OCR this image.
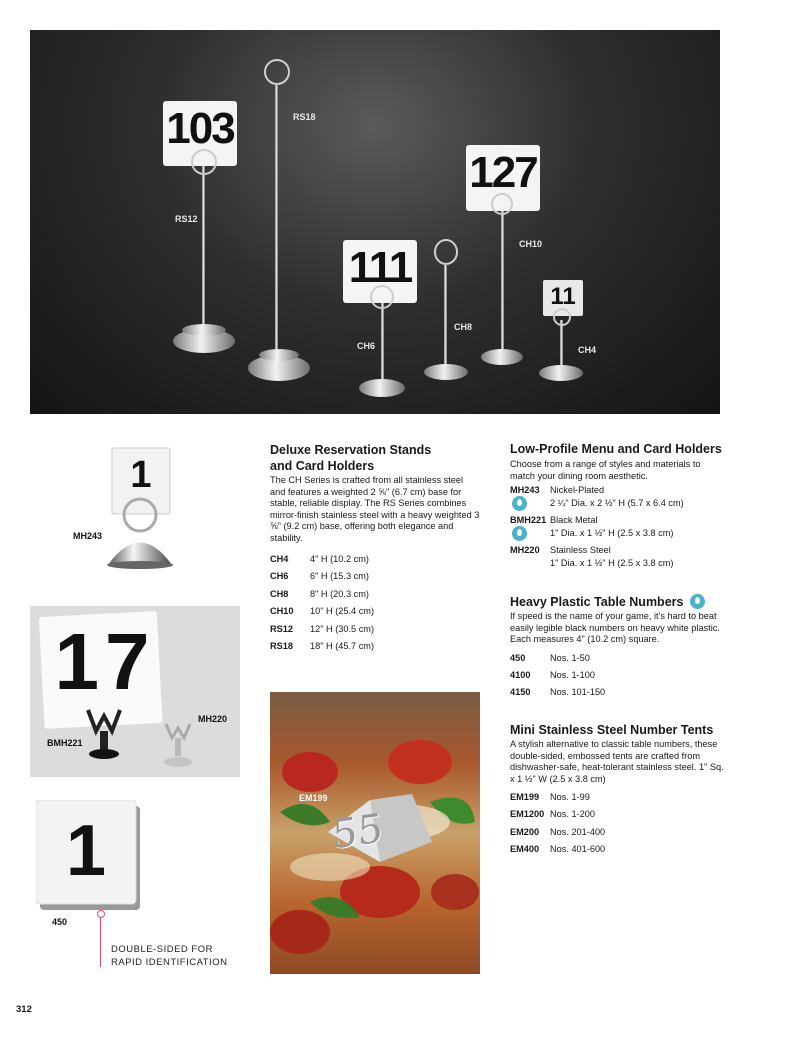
103
127
111
11
RS18
RS12
CH10
CH8
CH6	CH4
1
MH243
17
BMH221
MH220
1
450
DOUBLE-SIDED FOR
RAPID IDENTIFICATION
55
EM199
Deluxe Reservation Stands
and Card Holders

The CH Series is crafted from all stainless steel and features a weighted 2 ⅝" (6.7 cm) base for stable, reliable display. The RS Series combines mirror-finish stainless steel with a heavy weighted 3 ⅝" (9.2 cm) base, offering both elegance and stability.

CH4	4" H (10.2 cm)
CH6	6" H (15.3 cm)
CH8	8" H (20.3 cm)
CH10	10" H (25.4 cm)
RS12	12" H (30.5 cm)
RS18	18" H (45.7 cm)
Low-Profile Menu and Card Holders

Choose from a range of styles and materials to match your dining room aesthetic.

MH243	Nickel-Plated
2 ¼" Dia. x 2 ½" H (5.7 x 6.4 cm)
BMH221 Black Metal
1" Dia. x 1 ½" H (2.5 x 3.8 cm)
MH220	Stainless Steel
1" Dia. x 1 ½" H (2.5 x 3.8 cm)
Heavy Plastic Table Numbers

If speed is the name of your game, it's hard to beat easily legible black numbers on heavy white plastic. Each measures 4" (10.2 cm) square.

450	Nos. 1-50
4100	Nos. 1-100
4150	Nos. 101-150
Mini Stainless Steel Number Tents

A stylish alternative to classic table numbers, these double-sided, embossed tents are crafted from dishwasher-safe, heat-tolerant stainless steel. 1" Sq. x 1 ½" W (2.5 x 3.8 cm)

EM199	Nos. 1-99
EM1200 Nos. 1-200
EM200	Nos. 201-400
EM400	Nos. 401-600
312
